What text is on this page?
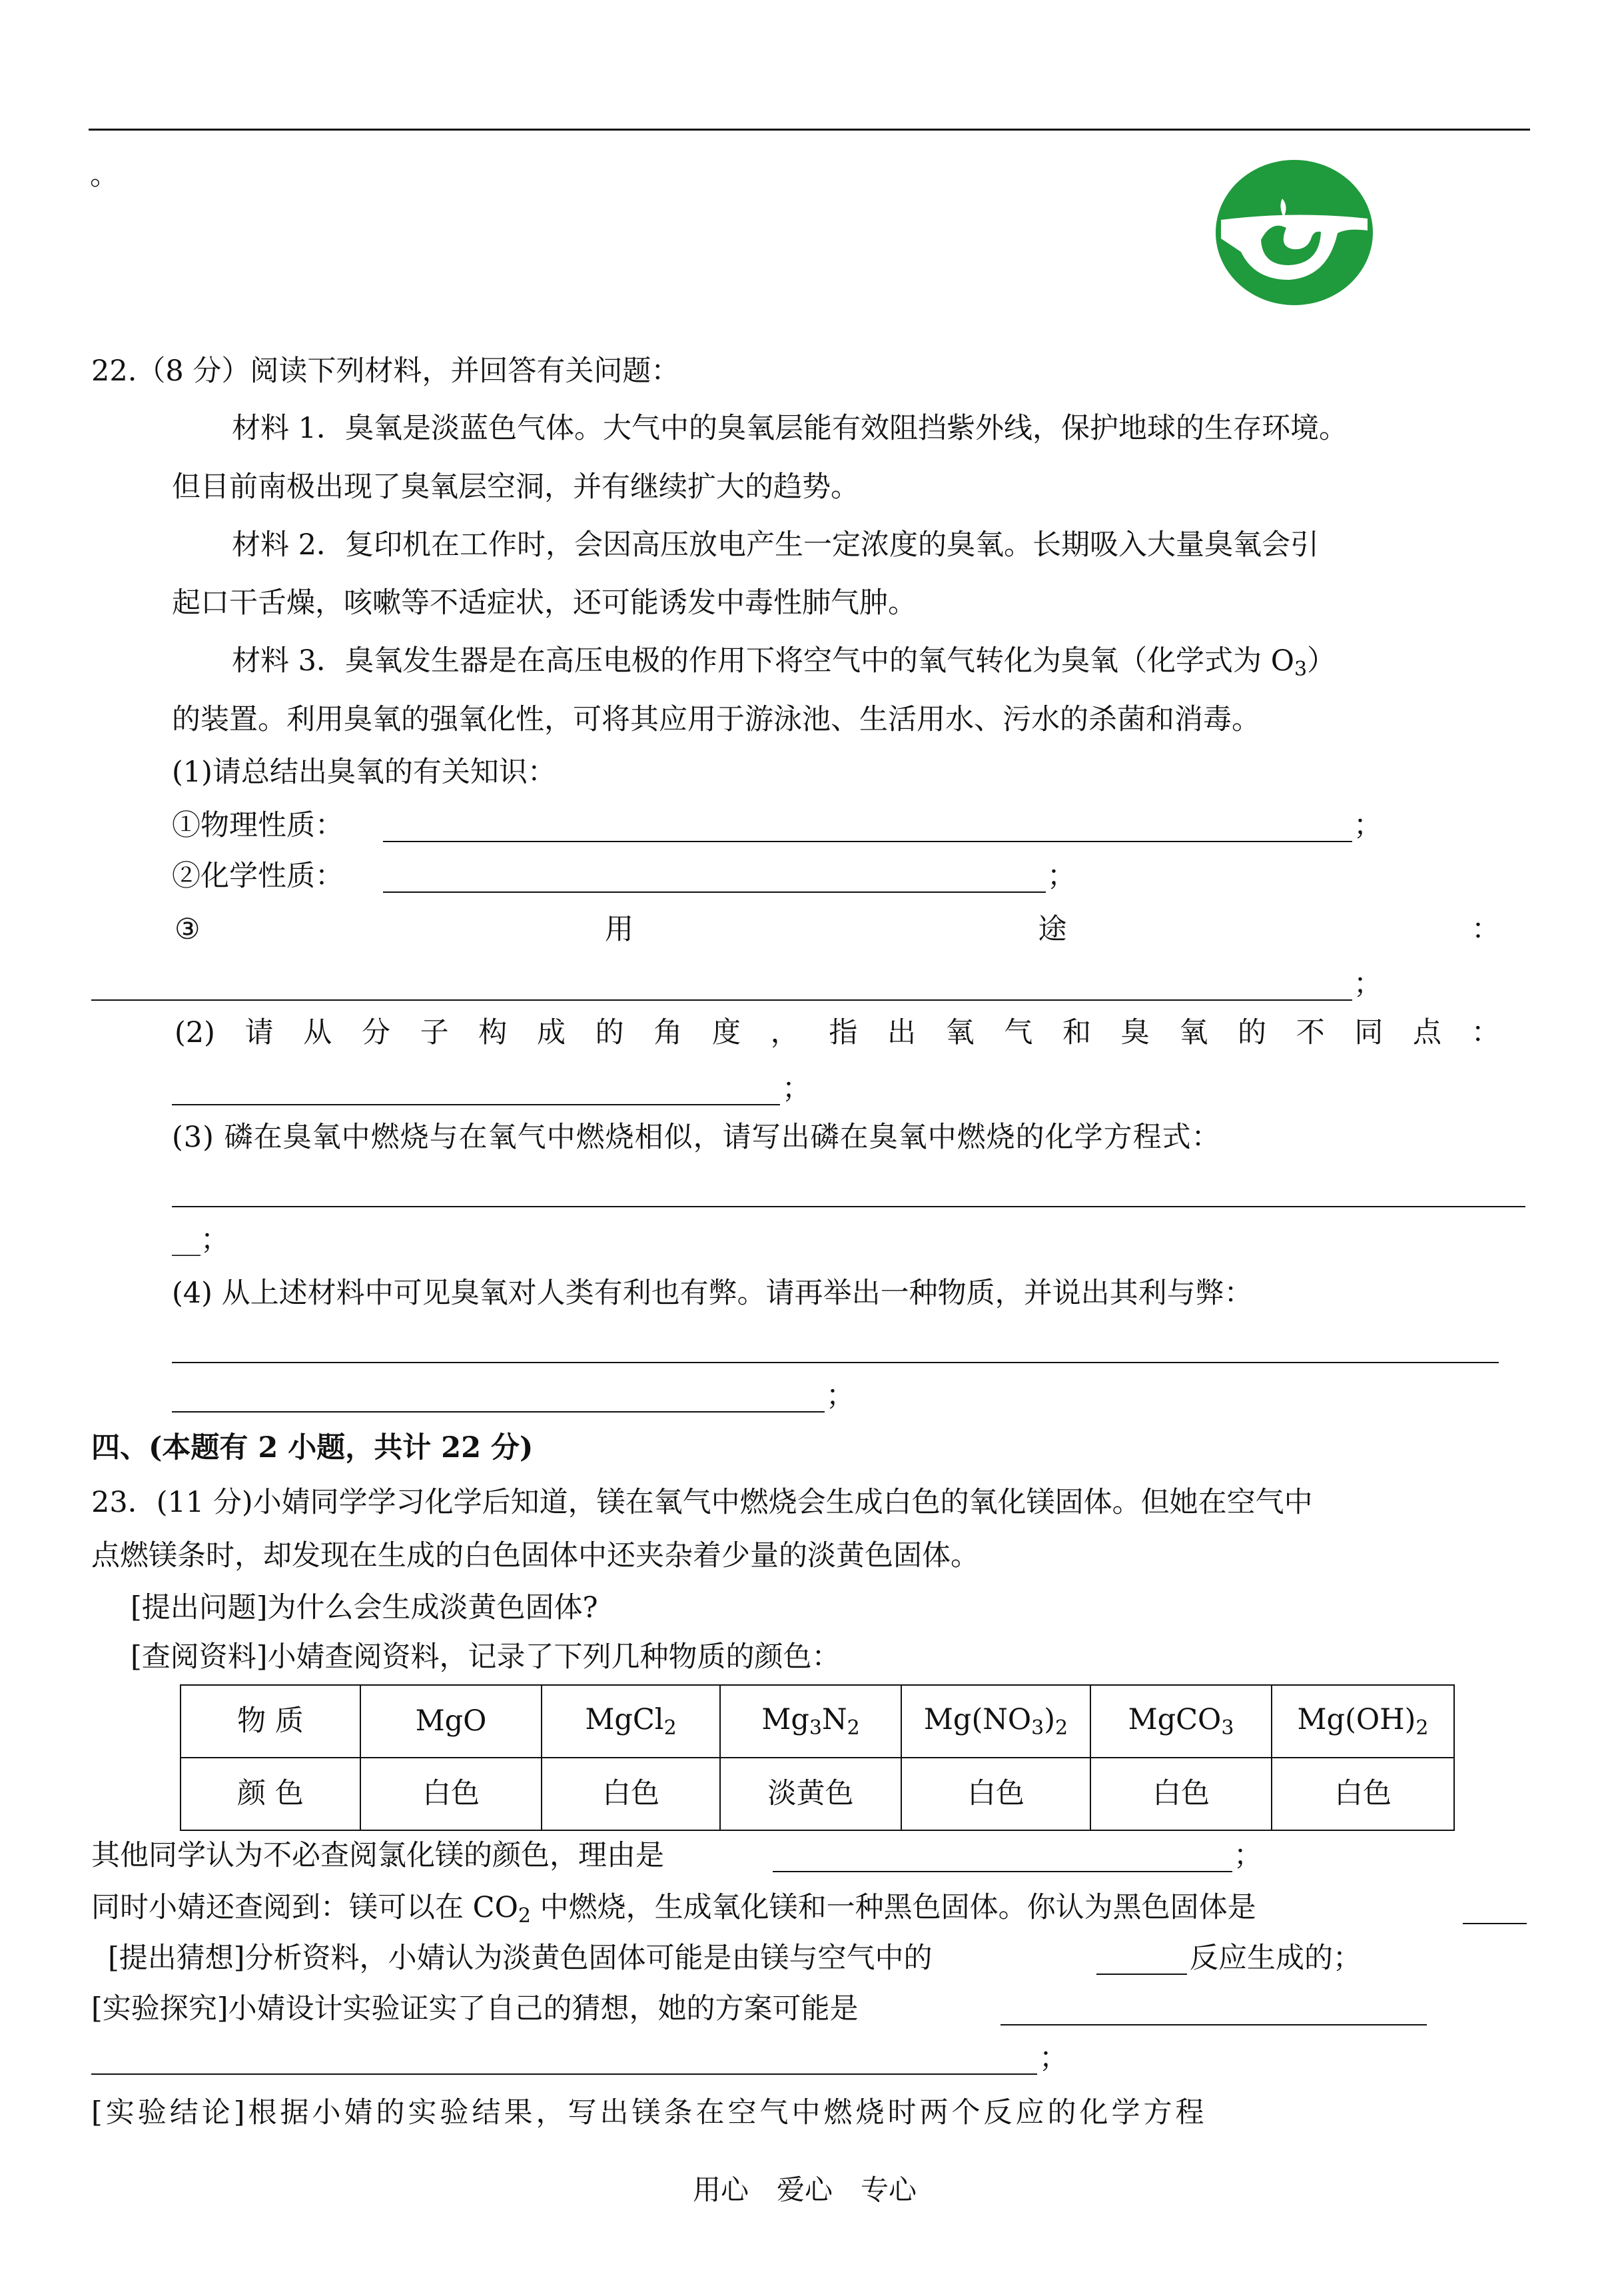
。
22.（8 分）阅读下列材料，并回答有关问题：
材料 1．臭氧是淡蓝色气体。大气中的臭氧层能有效阻挡紫外线，保护地球的生存环境。
但目前南极出现了臭氧层空洞，并有继续扩大的趋势。
材料 2．复印机在工作时，会因高压放电产生一定浓度的臭氧。长期吸入大量臭氧会引
起口干舌燥，咳嗽等不适症状，还可能诱发中毒性肺气肿。
材料 3．臭氧发生器是在高压电极的作用下将空气中的氧气转化为臭氧（化学式为 $O_3$）
的装置。利用臭氧的强氧化性，可将其应用于游泳池、生活用水、污水的杀菌和消毒。
(1)请总结出臭氧的有关知识：
①物理性质：	；
②化学性质：	；
③	用	途	：
；
(2) 请 从 分 子 构 成 的 角 度 ， 指 出 氧 气 和 臭 氧 的 不 同 点 ：
；
(3) 磷在臭氧中燃烧与在氧气中燃烧相似，请写出磷在臭氧中燃烧的化学方程式：
__；
(4) 从上述材料中可见臭氧对人类有利也有弊。请再举出一种物质，并说出其利与弊：
；
四、(本题有 2 小题，共计 22 分)
23．(11 分)小婧同学学习化学后知道，镁在氧气中燃烧会生成白色的氧化镁固体。但她在空气中
点燃镁条时，却发现在生成的白色固体中还夹杂着少量的淡黄色固体。
[提出问题]为什么会生成淡黄色固体?
[查阅资料]小婧查阅资料，记录了下列几种物质的颜色：
物 质	MgO	MgCl$_2$	$Mg_3N_2$	$Mg(NO_3)_2$	MgCO$_3$	$Mg(OH)_2$
颜 色	白色	白色	淡黄色	白色	白色	白色
其他同学认为不必查阅氯化镁的颜色，理由是	；
同时小婧还查阅到：镁可以在 $CO_2$ 中燃烧，生成氧化镁和一种黑色固体。你认为黑色固体是
[提出猜想]分析资料，小婧认为淡黄色固体可能是由镁与空气中的	反应生成的；
[实验探究]小婧设计实验证实了自己的猜想，她的方案可能是
；
[实验结论]根据小婧的实验结果，写出镁条在空气中燃烧时两个反应的化学方程
用心　爱心　专心
